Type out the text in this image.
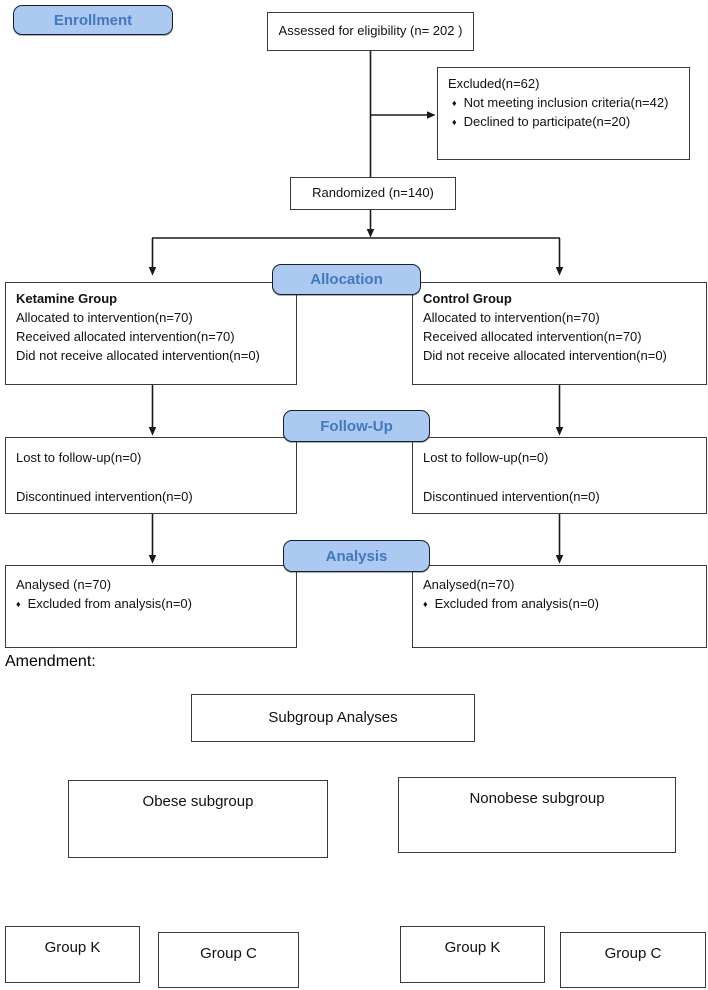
Enrollment
Allocation
Follow-Up
Analysis
Assessed for eligibility (n= 202 )
Excluded(n=62)
♦ Not meeting inclusion criteria(n=42)
♦ Declined to participate(n=20)
Randomized (n=140)
Ketamine Group
Allocated to intervention(n=70)
Received allocated intervention(n=70)
Did not receive allocated intervention(n=0)
Control Group
Allocated to intervention(n=70)
Received allocated intervention(n=70)
Did not receive allocated intervention(n=0)
Lost to follow-up(n=0)
Discontinued intervention(n=0)
Lost to follow-up(n=0)
Discontinued intervention(n=0)
Analysed (n=70)
♦ Excluded from analysis(n=0)
Analysed(n=70)
♦ Excluded from analysis(n=0)
Amendment:
Subgroup Analyses
Obese subgroup	Nonobese subgroup
Group K	Group C	Group K	Group C
